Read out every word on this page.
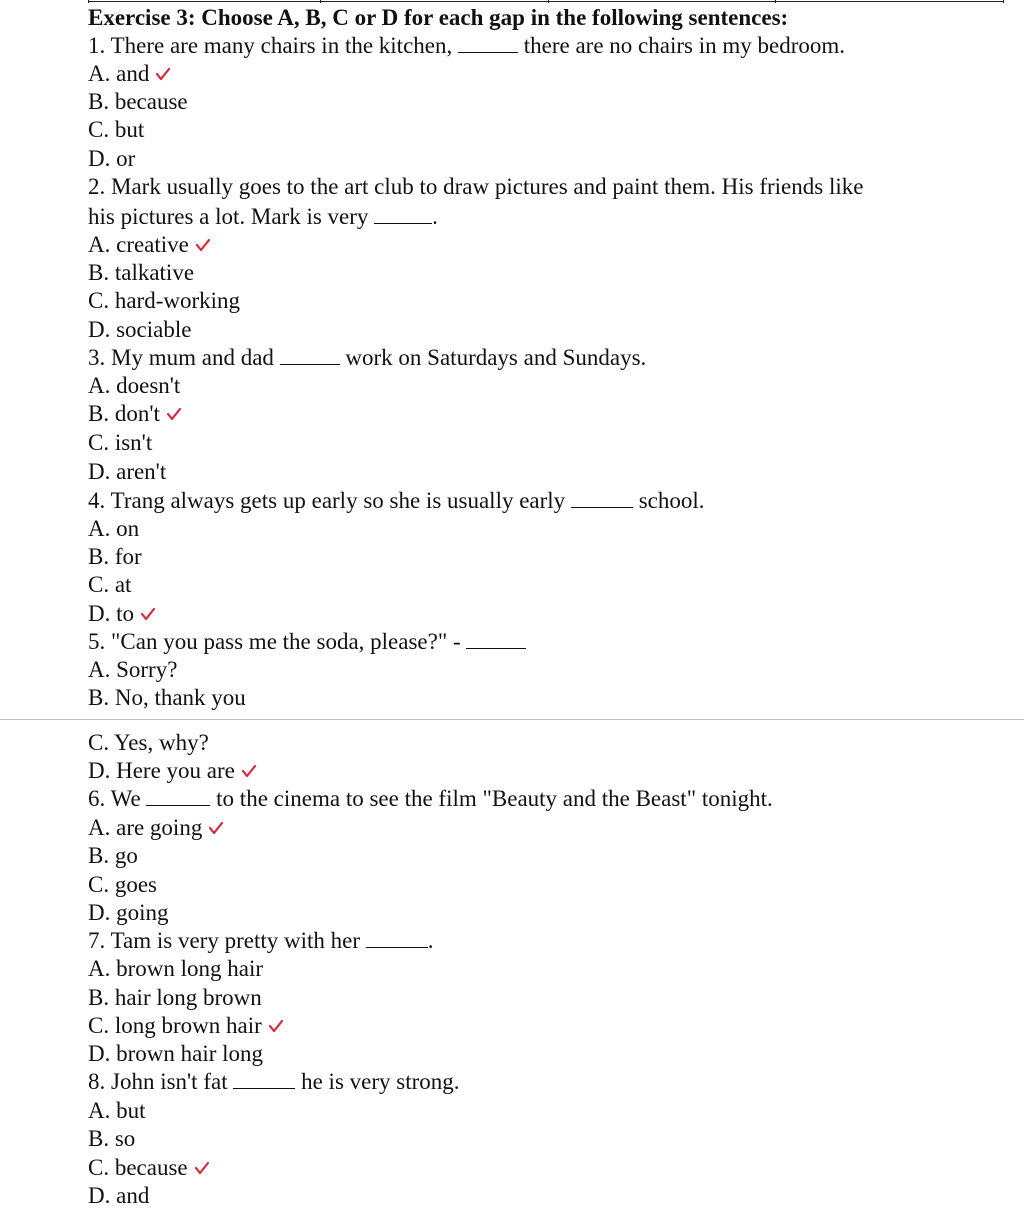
Exercise 3: Choose A, B, C or D for each gap in the following sentences:
1. There are many chairs in the kitchen,	there are no chairs in my bedroom.
A. and
B. because
C. but
D. or
2. Mark usually goes to the art club to draw pictures and paint them. His friends like
his pictures a lot. Mark is very	.
A. creative
B. talkative
C. hard-working
D. sociable
3. My mum and dad	work on Saturdays and Sundays.
A. doesn't
B. don't
C. isn't
D. aren't
4. Trang always gets up early so she is usually early	school.
A. on
B. for
C. at
D. to
5. "Can you pass me the soda, please?" -
A. Sorry?
B. No, thank you
C. Yes, why?
D. Here you are
6. We	to the cinema to see the film "Beauty and the Beast" tonight.
A. are going
B. go
C. goes
D. going
7. Tam is very pretty with her	.
A. brown long hair
B. hair long brown
C. long brown hair
D. brown hair long
8. John isn't fat	he is very strong.
A. but
B. so
C. because
D. and
